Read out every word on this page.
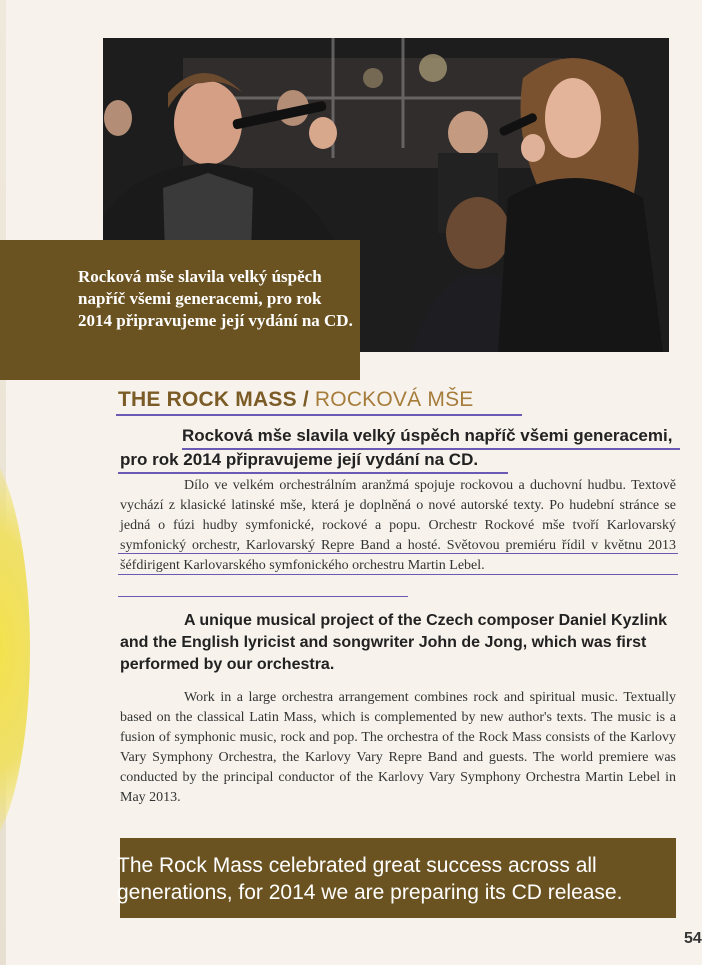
Rocková mše slavila velký úspěch napříč všemi generacemi, pro rok 2014 připravujeme její vydání na CD.
THE ROCK MASS / ROCKOVÁ MŠE
Rocková mše slavila velký úspěch napříč všemi generacemi,
pro rok 2014 připravujeme její vydání na CD.
Dílo ve velkém orchestrálním aranžmá spojuje rockovou a duchovní hudbu. Textově vychází z klasické latinské mše, která je doplněná o nové autorské texty. Po hudební stránce se jedná o fúzi hudby symfonické, rockové a popu. Orchestr Rockové mše tvoří Karlovarský symfonický orchestr, Karlovarský Repre Band a hosté. Světovou premiéru řídil v květnu 2013 šéfdirigent Karlovarského symfonického orchestru Martin Lebel.
A unique musical project of the Czech composer Daniel Kyzlink and the English lyricist and songwriter John de Jong, which was first performed by our orchestra.
Work in a large orchestra arrangement combines rock and spiritual music. Textually based on the classical Latin Mass, which is complemented by new author's texts. The music is a fusion of symphonic music, rock and pop. The orchestra of the Rock Mass consists of the Karlovy Vary Symphony Orchestra, the Karlovy Vary Repre Band and guests. The world premiere was conducted by the principal conductor of the Karlovy Vary Symphony Orchestra Martin Lebel in May 2013.
The Rock Mass celebrated great success across all generations, for 2014 we are preparing its CD release.
54
